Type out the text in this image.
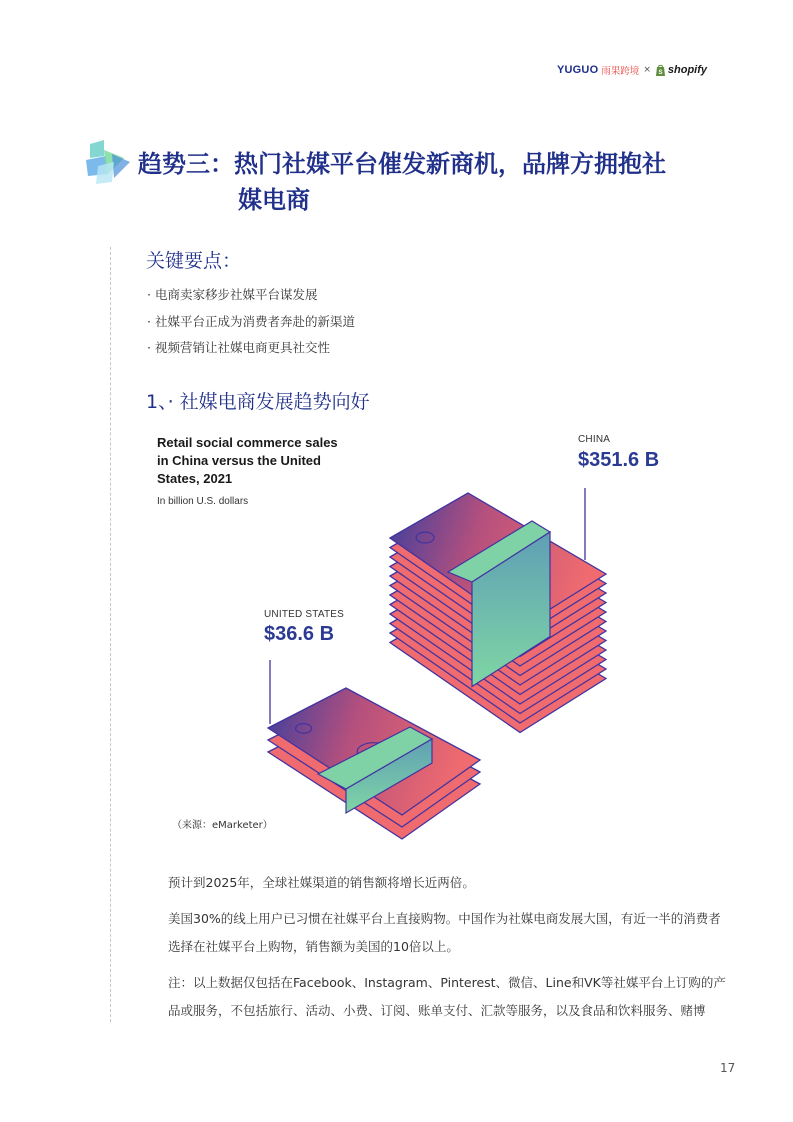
YUGUO 雨果跨境 × S shopify
趋势三：热门社媒平台催发新商机，品牌方拥抱社
媒电商
关键要点：
· 电商卖家移步社媒平台谋发展
· 社媒平台正成为消费者奔赴的新渠道
· 视频营销让社媒电商更具社交性
1、· 社媒电商发展趋势向好
Retail social commerce sales in China versus the United States, 2021
In billion U.S. dollars
CHINA
$351.6 B
UNITED STATES
$36.6 B
（来源：eMarketer）

预计到2025年，全球社媒渠道的销售额将增长近两倍。

美国30%的线上用户已习惯在社媒平台上直接购物。中国作为社媒电商发展大国，有近一半的消费者选择在社媒平台上购物，销售额为美国的10倍以上。

注：以上数据仅包括在Facebook、Instagram、Pinterest、微信、Line和VK等社媒平台上订购的产品或服务，不包括旅行、活动、小费、订阅、账单支付、汇款等服务，以及食品和饮料服务、赌博

17
